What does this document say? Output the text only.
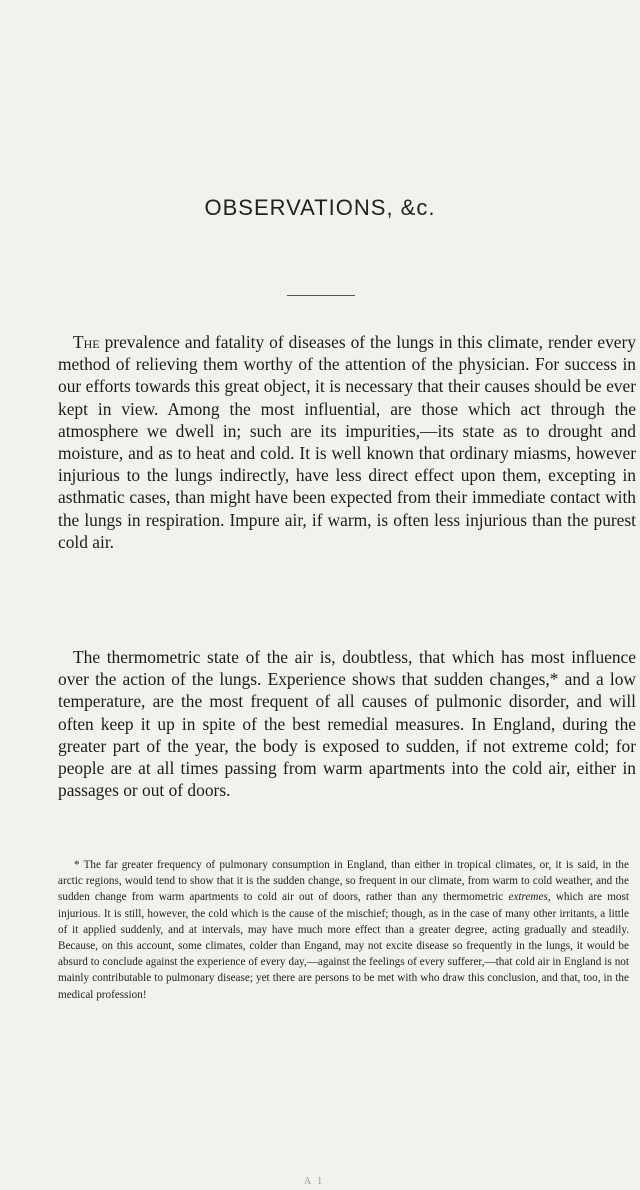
OBSERVATIONS, &c.

The prevalence and fatality of diseases of the lungs in this climate, render every method of relieving them worthy of the attention of the physician. For success in our efforts towards this great object, it is necessary that their causes should be ever kept in view. Among the most influential, are those which act through the atmosphere we dwell in; such are its impurities,—its state as to drought and moisture, and as to heat and cold. It is well known that ordinary miasms, however injurious to the lungs indirectly, have less direct effect upon them, excepting in asthmatic cases, than might have been expected from their immediate contact with the lungs in respiration. Impure air, if warm, is often less injurious than the purest cold air.

The thermometric state of the air is, doubtless, that which has most influence over the action of the lungs. Experience shows that sudden changes,* and a low temperature, are the most frequent of all causes of pulmonic disorder, and will often keep it up in spite of the best remedial measures. In England, during the greater part of the year, the body is exposed to sudden, if not extreme cold; for people are at all times passing from warm apartments into the cold air, either in passages or out of doors.

* The far greater frequency of pulmonary consumption in England, than either in tropical climates, or, it is said, in the arctic regions, would tend to show that it is the sudden change, so frequent in our climate, from warm to cold weather, and the sudden change from warm apartments to cold air out of doors, rather than any thermometric extremes, which are most injurious. It is still, however, the cold which is the cause of the mischief; though, as in the case of many other irritants, a little of it applied suddenly, and at intervals, may have much more effect than a greater degree, acting gradually and steadily. Because, on this account, some climates, colder than Engand, may not excite disease so frequently in the lungs, it would be absurd to conclude against the experience of every day,—against the feelings of every sufferer,—that cold air in England is not mainly contributable to pulmonary disease; yet there are persons to be met with who draw this conclusion, and that, too, in the medical profession!

A 1
